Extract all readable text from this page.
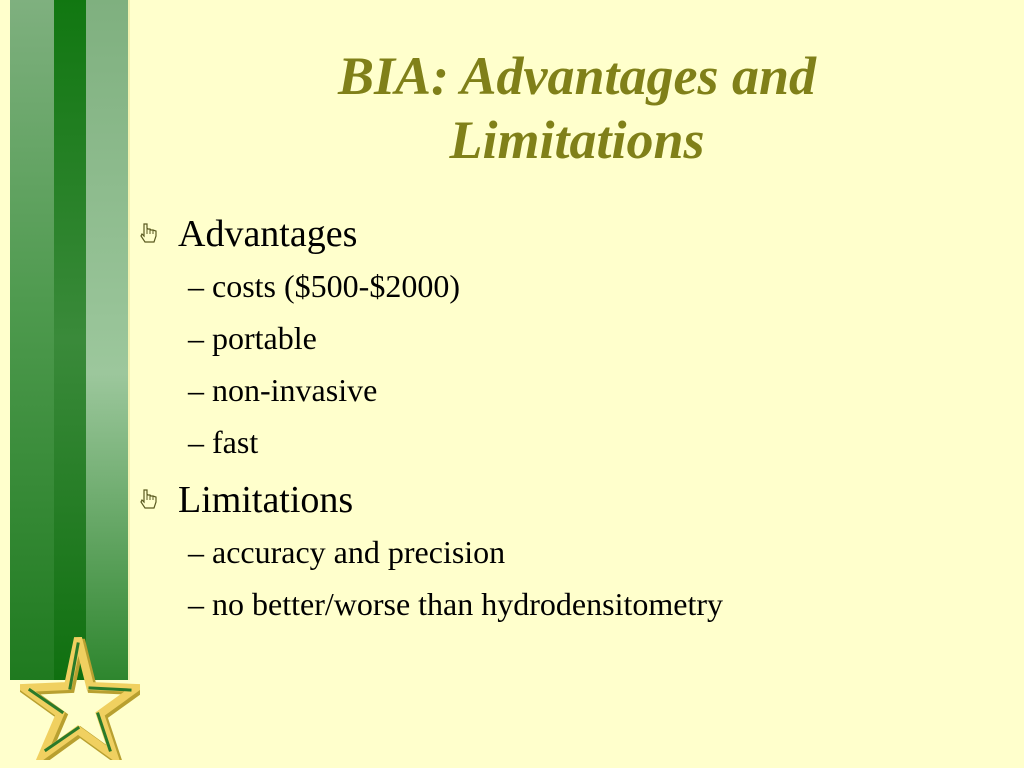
BIA: Advantages and
Limitations
Advantages
– costs ($500-$2000)
– portable
– non-invasive
– fast
Limitations
– accuracy and precision
– no better/worse than hydrodensitometry
